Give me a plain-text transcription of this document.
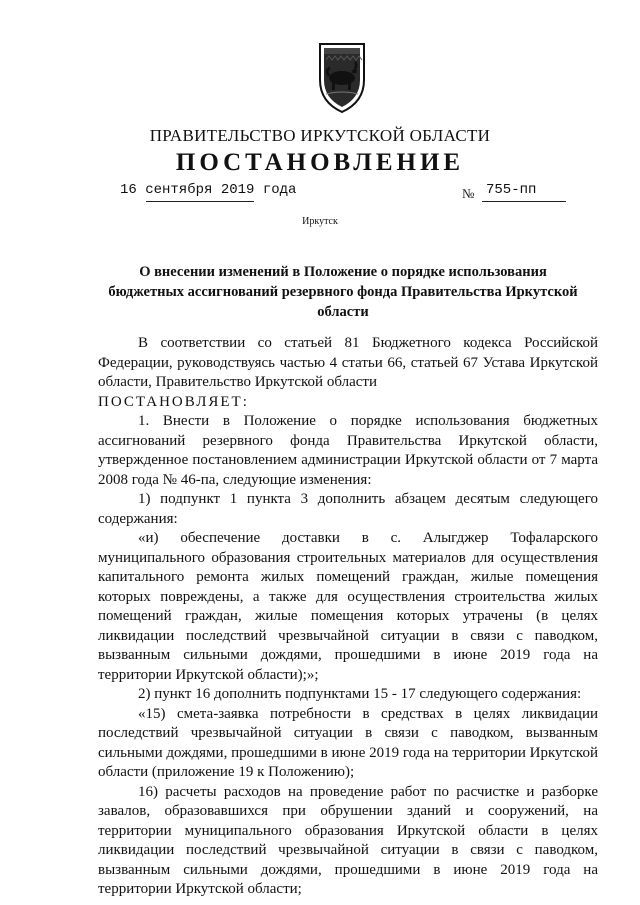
ПРАВИТЕЛЬСТВО ИРКУТСКОЙ ОБЛАСТИ
ПОСТАНОВЛЕНИЕ
16 сентября 2019 года	№ 755-пп
Иркутск
О внесении изменений в Положение о порядке использования бюджетных ассигнований резервного фонда Правительства Иркутской области

В соответствии со статьей 81 Бюджетного кодекса Российской Федерации, руководствуясь частью 4 статьи 66, статьей 67 Устава Иркутской области, Правительство Иркутской области

ПОСТАНОВЛЯЕТ:

1. Внести в Положение о порядке использования бюджетных ассигнований резервного фонда Правительства Иркутской области, утвержденное постановлением администрации Иркутской области от 7 марта 2008 года № 46-па, следующие изменения:

1) подпункт 1 пункта 3 дополнить абзацем десятым следующего содержания:

«и) обеспечение доставки в с. Алыгджер Тофаларского муниципального образования строительных материалов для осуществления капитального ремонта жилых помещений граждан, жилые помещения которых повреждены, а также для осуществления строительства жилых помещений граждан, жилые помещения которых утрачены (в целях ликвидации последствий чрезвычайной ситуации в связи с паводком, вызванным сильными дождями, прошедшими в июне 2019 года на территории Иркутской области);»;

2) пункт 16 дополнить подпунктами 15 - 17 следующего содержания:

«15) смета-заявка потребности в средствах в целях ликвидации последствий чрезвычайной ситуации в связи с паводком, вызванным сильными дождями, прошедшими в июне 2019 года на территории Иркутской области (приложение 19 к Положению);

16) расчеты расходов на проведение работ по расчистке и разборке завалов, образовавшихся при обрушении зданий и сооружений, на территории муниципального образования Иркутской области в целях ликвидации последствий чрезвычайной ситуации в связи с паводком, вызванным сильными дождями, прошедшими в июне 2019 года на территории Иркутской области;
